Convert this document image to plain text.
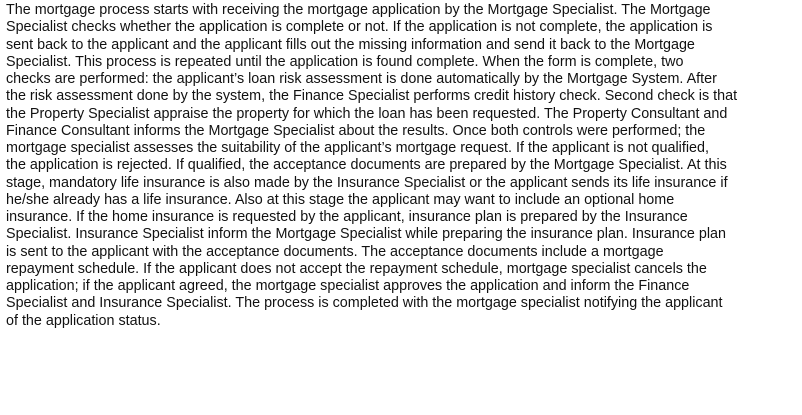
The mortgage process starts with receiving the mortgage application by the Mortgage Specialist. The Mortgage
Specialist checks whether the application is complete or not. If the application is not complete, the application is
sent back to the applicant and the applicant fills out the missing information and send it back to the Mortgage
Specialist. This process is repeated until the application is found complete. When the form is complete, two
checks are performed: the applicant’s loan risk assessment is done automatically by the Mortgage System. After
the risk assessment done by the system, the Finance Specialist performs credit history check. Second check is that
the Property Specialist appraise the property for which the loan has been requested. The Property Consultant and
Finance Consultant informs the Mortgage Specialist about the results. Once both controls were performed; the
mortgage specialist assesses the suitability of the applicant’s mortgage request. If the applicant is not qualified,
the application is rejected. If qualified, the acceptance documents are prepared by the Mortgage Specialist. At this
stage, mandatory life insurance is also made by the Insurance Specialist or the applicant sends its life insurance if
he/she already has a life insurance. Also at this stage the applicant may want to include an optional home
insurance. If the home insurance is requested by the applicant, insurance plan is prepared by the Insurance
Specialist. Insurance Specialist inform the Mortgage Specialist while preparing the insurance plan. Insurance plan
is sent to the applicant with the acceptance documents. The acceptance documents include a mortgage
repayment schedule. If the applicant does not accept the repayment schedule, mortgage specialist cancels the
application; if the applicant agreed, the mortgage specialist approves the application and inform the Finance
Specialist and Insurance Specialist. The process is completed with the mortgage specialist notifying the applicant
of the application status.
